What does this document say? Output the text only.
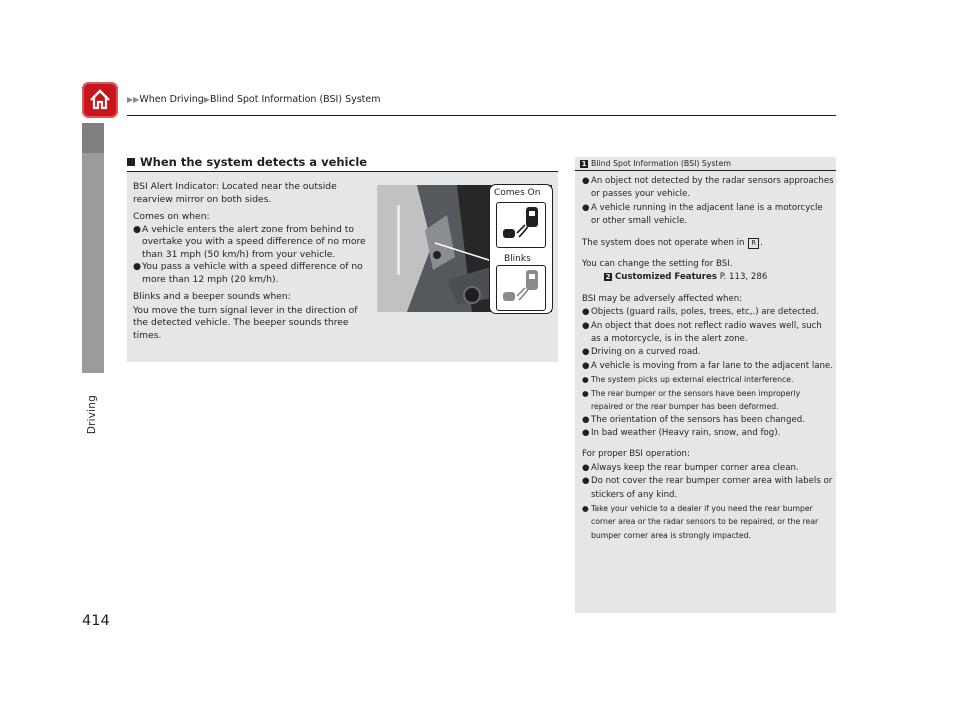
▶▶When Driving▶Blind Spot Information (BSI) System
Driving
414
When the system detects a vehicle

BSI Alert Indicator: Located near the outside rearview mirror on both sides.

Comes on when:

● A vehicle enters the alert zone from behind to overtake you with a speed difference of no more than 31 mph (50 km/h) from your vehicle.
● You pass a vehicle with a speed difference of no more than 12 mph (20 km/h).

Blinks and a beeper sounds when:

You move the turn signal lever in the direction of the detected vehicle. The beeper sounds three times.

Comes On
Blinks
1 Blind Spot Information (BSI) System

● An object not detected by the radar sensors approaches or passes your vehicle.

● A vehicle running in the adjacent lane is a motorcycle or other small vehicle.

The system does not operate when in R .

You can change the setting for BSI.

2 Customized Features P. 113, 286

BSI may be adversely affected when:

● Objects (guard rails, poles, trees, etc,.) are detected.

● An object that does not reflect radio waves well, such as a motorcycle, is in the alert zone.

● Driving on a curved road.

● A vehicle is moving from a far lane to the adjacent lane.

● The system picks up external electrical interference.

● The rear bumper or the sensors have been improperly repaired or the rear bumper has been deformed.

● The orientation of the sensors has been changed.

● In bad weather (Heavy rain, snow, and fog).

For proper BSI operation:

● Always keep the rear bumper corner area clean.

● Do not cover the rear bumper corner area with labels or stickers of any kind.

● Take your vehicle to a dealer if you need the rear bumper corner area or the radar sensors to be repaired, or the rear bumper corner area is strongly impacted.
